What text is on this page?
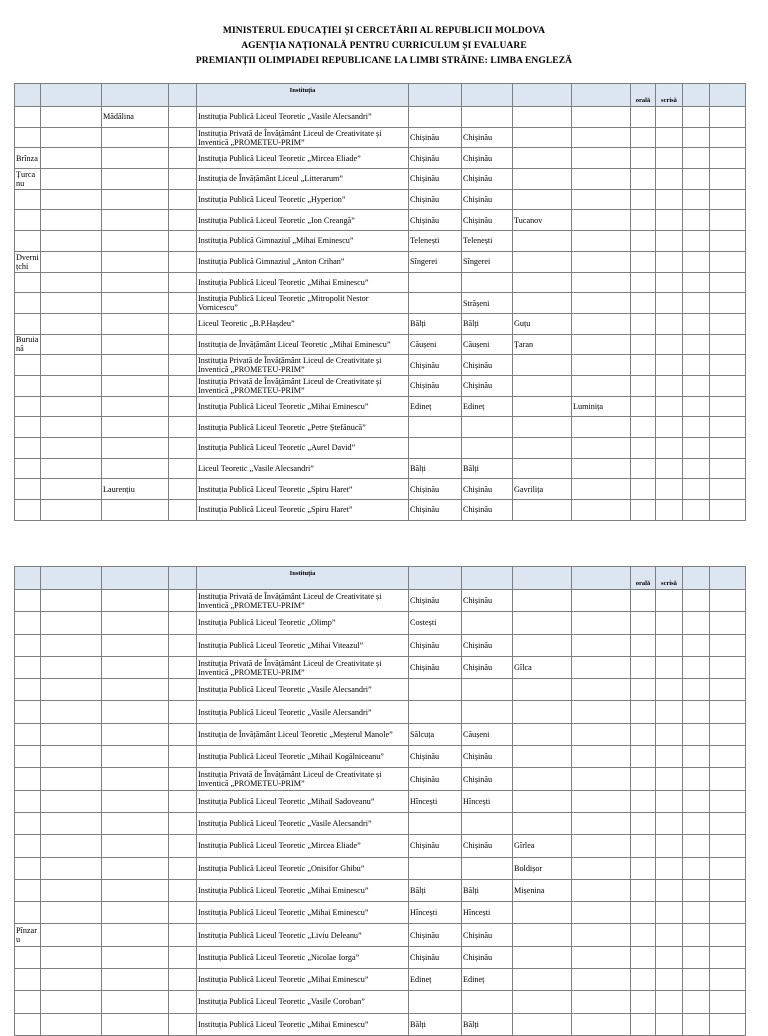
MINISTERUL EDUCAȚIEI ȘI CERCETĂRII AL REPUBLICII MOLDOVA
AGENȚIA NAȚIONALĂ PENTRU CURRICULUM ȘI EVALUARE
PREMIANȚII OLIMPIADEI REPUBLICANE LA LIMBI STRĂINE: LIMBA ENGLEZĂ
				Instituția					orală	scrisă		
		Mădălina		Instituția Publică Liceul Teoretic „Vasile Alecsandri”								
				Instituția Privată de Învățământ Liceul de Creativitate și Inventică „PROMETEU-PRIM”	Chișinău	Chișinău						
Brînza				Instituția Publică Liceul Teoretic „Mircea Eliade”	Chișinău	Chișinău						
Țurcanu				Instituția de Învățământ Liceul „Litterarum”	Chișinău	Chișinău						
				Instituția Publică Liceul Teoretic „Hyperion”	Chișinău	Chișinău						
				Instituția Publică Liceul Teoretic „Ion Creangă”	Chișinău	Chișinău	Tucanov					
				Instituția Publică Gimnaziul „Mihai Eminescu”	Telenești	Telenești						
Dvernițchi				Instituția Publică Gimnaziul „Anton Crihan”	Sîngerei	Sîngerei						
				Instituția Publică Liceul Teoretic „Mihai Eminescu”								
				Instituția Publică Liceul Teoretic „Mitropolit Nestor Vornicescu”		Strășeni						
				Liceul Teoretic „B.P.Hașdeu”	Bălți	Bălți	Guțu					
Buruiană				Instituția de Învățământ Liceul Teoretic „Mihai Eminescu”	Căușeni	Căușeni	Țaran					
				Instituția Privată de Învățământ Liceul de Creativitate și Inventică „PROMETEU-PRIM”	Chișinău	Chișinău						
				Instituția Privată de Învățământ Liceul de Creativitate și Inventică „PROMETEU-PRIM”	Chișinău	Chișinău						
				Instituția Publică Liceul Teoretic „Mihai Eminescu”	Edineț	Edineț		Luminița				
				Instituția Publică Liceul Teoretic „Petre Ștefănucă”								
				Instituția Publică Liceul Teoretic „Aurel David”								
				Liceul Teoretic „Vasile Alecsandri”	Bălți	Bălți						
		Laurențiu		Instituția Publică Liceul Teoretic „Spiru Haret”	Chișinău	Chișinău	Gavrilița					
				Instituția Publică Liceul Teoretic „Spiru Haret”	Chișinău	Chișinău						
				Instituția					orală	scrisă		
				Instituția Privată de Învățământ Liceul de Creativitate și Inventică „PROMETEU-PRIM”	Chișinău	Chișinău						
				Instituția Publică Liceul Teoretic „Olimp”	Costești							
				Instituția Publică Liceul Teoretic „Mihai Viteazul”	Chișinău	Chișinău						
				Instituția Privată de Învățământ Liceul de Creativitate și Inventică „PROMETEU-PRIM”	Chișinău	Chișinău	Gîlca					
				Instituția Publică Liceul Teoretic „Vasile Alecsandri”								
				Instituția Publică Liceul Teoretic „Vasile Alecsandri”								
				Instituția de Învățământ Liceul Teoretic „Meșterul Manole”	Sălcuța	Căușeni						
				Instituția Publică Liceul Teoretic „Mihail Kogălniceanu”	Chișinău	Chișinău						
				Instituția Privată de Învățământ Liceul de Creativitate și Inventică „PROMETEU-PRIM”	Chișinău	Chișinău						
				Instituția Publică Liceul Teoretic „Mihail Sadoveanu”	Hîncești	Hîncești						
				Instituția Publică Liceul Teoretic „Vasile Alecsandri”								
				Instituția Publică Liceul Teoretic „Mircea Eliade”	Chișinău	Chișinău	Gîrlea					
				Instituția Publică Liceul Teoretic „Onisifor Ghibu”			Boldișor					
				Instituția Publică Liceul Teoretic „Mihai Eminescu”	Bălți	Bălți	Mișenina					
				Instituția Publică Liceul Teoretic „Mihai Eminescu”	Hîncești	Hîncești						
Pînzaru				Instituția Publică Liceul Teoretic „Liviu Deleanu”	Chișinău	Chișinău						
				Instituția Publică Liceul Teoretic „Nicolae Iorga”	Chișinău	Chișinău						
				Instituția Publică Liceul Teoretic „Mihai Eminescu”	Edineț	Edineț						
				Instituția Publică Liceul Teoretic „Vasile Coroban”								
				Instituția Publică Liceul Teoretic „Mihai Eminescu”	Bălți	Bălți						
